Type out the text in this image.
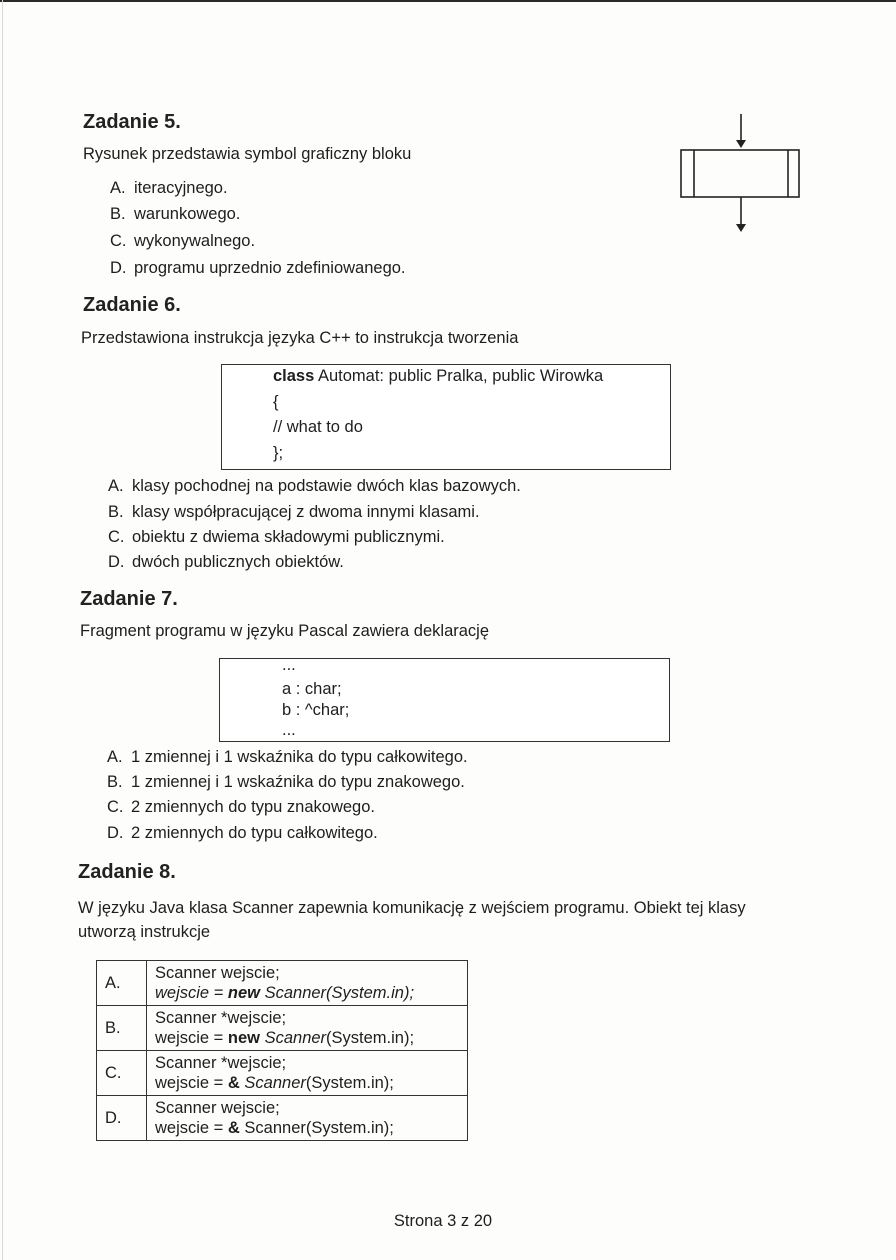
Zadanie 5.
Rysunek przedstawia symbol graficzny bloku
A. iteracyjnego.
B. warunkowego.
C. wykonywalnego.
D. programu uprzednio zdefiniowanego.
Zadanie 6.
Przedstawiona instrukcja języka C++ to instrukcja tworzenia
class Automat: public Pralka, public Wirowka
{
// what to do
};
A. klasy pochodnej na podstawie dwóch klas bazowych.
B. klasy współpracującej z dwoma innymi klasami.
C. obiektu z dwiema składowymi publicznymi.
D. dwóch publicznych obiektów.
Zadanie 7.
Fragment programu w języku Pascal zawiera deklarację
...
a : char;
b : ^char;
...
A. 1 zmiennej i 1 wskaźnika do typu całkowitego.
B. 1 zmiennej i 1 wskaźnika do typu znakowego.
C. 2 zmiennych do typu znakowego.
D. 2 zmiennych do typu całkowitego.
Zadanie 8.
W języku Java klasa Scanner zapewnia komunikację z wejściem programu. Obiekt tej klasy
utworzą instrukcje
A.	Scanner wejscie;
wejscie = new Scanner(System.in);

B.	Scanner *wejscie;
wejscie = new Scanner(System.in);

C.	Scanner *wejscie;
wejscie = & Scanner(System.in);

D.	Scanner wejscie;
wejscie = & Scanner(System.in);
Strona 3 z 20
